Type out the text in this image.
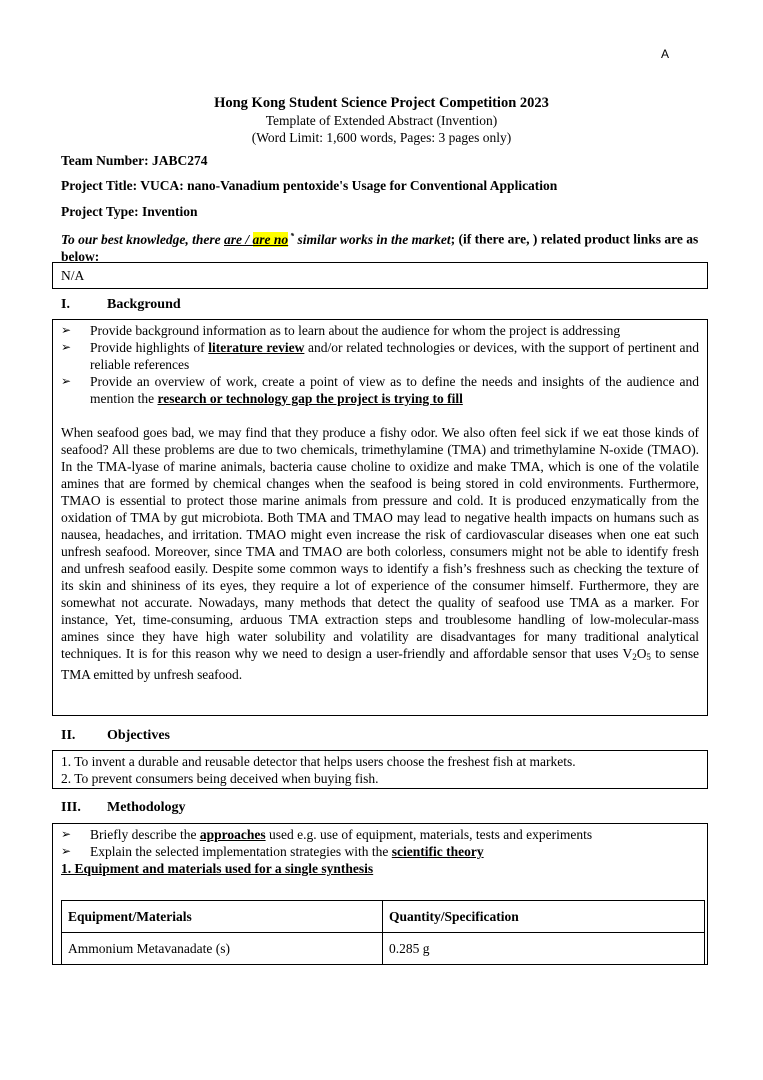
A
Hong Kong Student Science Project Competition 2023
Template of Extended Abstract (Invention)
(Word Limit: 1,600 words, Pages: 3 pages only)
Team Number: JABC274
Project Title: VUCA: nano-Vanadium pentoxide's Usage for Conventional Application
Project Type: Invention
To our best knowledge, there are / are no * similar works in the market; (if there are, ) related product links are as below:
N/A
I.	Background
➢ Provide background information as to learn about the audience for whom the project is addressing
➢ Provide highlights of literature review and/or related technologies or devices, with the support of pertinent and reliable references
➢ Provide an overview of work, create a point of view as to define the needs and insights of the audience and mention the research or technology gap the project is trying to fill
When seafood goes bad, we may find that they produce a fishy odor. We also often feel sick if we eat those kinds of seafood? All these problems are due to two chemicals, trimethylamine (TMA) and trimethylamine N-oxide (TMAO). In the TMA-lyase of marine animals, bacteria cause choline to oxidize and make TMA, which is one of the volatile amines that are formed by chemical changes when the seafood is being stored in cold environments. Furthermore, TMAO is essential to protect those marine animals from pressure and cold. It is produced enzymatically from the oxidation of TMA by gut microbiota. Both TMA and TMAO may lead to negative health impacts on humans such as nausea, headaches, and irritation. TMAO might even increase the risk of cardiovascular diseases when one eat such unfresh seafood. Moreover, since TMA and TMAO are both colorless, consumers might not be able to identify fresh and unfresh seafood easily. Despite some common ways to identify a fish’s freshness such as checking the texture of its skin and shininess of its eyes, they require a lot of experience of the consumer himself. Furthermore, they are somewhat not accurate. Nowadays, many methods that detect the quality of seafood use TMA as a marker. For instance, Yet, time-consuming, arduous TMA extraction steps and troublesome handling of low-molecular-mass amines since they have high water solubility and volatility are disadvantages for many traditional analytical techniques. It is for this reason why we need to design a user-friendly and affordable sensor that uses $V_2O_5$ to sense TMA emitted by unfresh seafood.
II. Objectives
1. To invent a durable and reusable detector that helps users choose the freshest fish at markets.
2. To prevent consumers being deceived when buying fish.
III. Methodology
➢ Briefly describe the approaches used e.g. use of equipment, materials, tests and experiments
➢ Explain the selected implementation strategies with the scientific theory
1. Equipment and materials used for a single synthesis
Equipment/Materials	Quantity/Specification
Ammonium Metavanadate (s)	0.285 g
